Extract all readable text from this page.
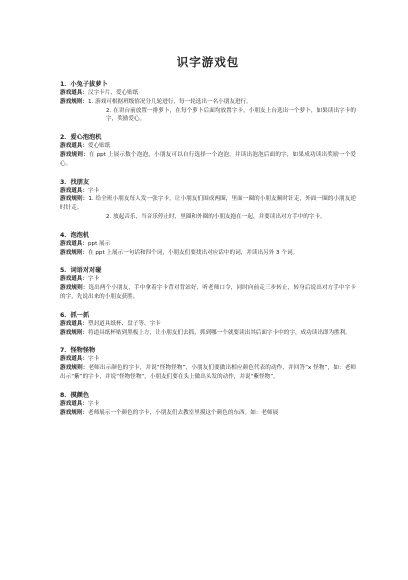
识字游戏包

1．小兔子拔萝卜

游戏道具：汉字卡片、爱心贴纸

游戏规则：1. 游戏可根据班级情况分几轮进行，每一轮选出一名小朋友进行。

2. 在讲台前放置一排萝卜，在每个萝卜后面均放置字卡，小朋友上台选出一个萝卜，如果读出字卡的字，奖励爱心。

2．爱心泡泡机

游戏道具：爱心贴纸

游戏规则：在 ppt 上展示数个泡泡，小朋友可以自行选择一个泡泡，并读出泡泡后面的字，如果成功读出奖励一个爱心。

3．找朋友

游戏道具：字卡

游戏规则：1. 给全班小朋友每人发一张字卡，让小朋友们围成两圈，里面一圈的小朋友顺时针走，外面一圈的小朋友逆时针走。

2. 放起音乐，当音乐停止时，里圈和外圈的小朋友抱在一起，并要读出对方手中的字卡。

4．泡泡机

游戏道具：ppt 展示

游戏规则：在 ppt 上展示一句话和四个词，小朋友们要找出对应话中的词，并读出另外 3 个词。

5．词语对对碰

游戏道具：字卡

游戏规则：选出两个小朋友，手中拿着字卡背对背站好，听老师口令，同时向前走三步转止，转身后说出对方手中字卡的字，先说出来的小朋友获胜。

6．抓一抓

游戏道具：塑封道具纸杯、盘子等、字卡

游戏规则：将道具纸杯贴到黑板上方，让小朋友们去抓，抓到哪一个就要读出其后面字卡中的字，成功读出即为胜利。

7．怪物怪物

游戏道具：字卡

游戏规则：老师出示颜色的字卡，并说“怪物怪物”，小朋友们要做出相应颜色代表的动作，并回答“x 怪物”，如：老师出示“紫”的字卡，并说“怪物怪物”，小朋友们要在头上做出头发的动作，并说“紫怪物”。

8．摸颜色

游戏道具：字卡

游戏规则：老师展示一个颜色的字卡，小朋友们去教室里摸这个颜色的东西。如：老师展
